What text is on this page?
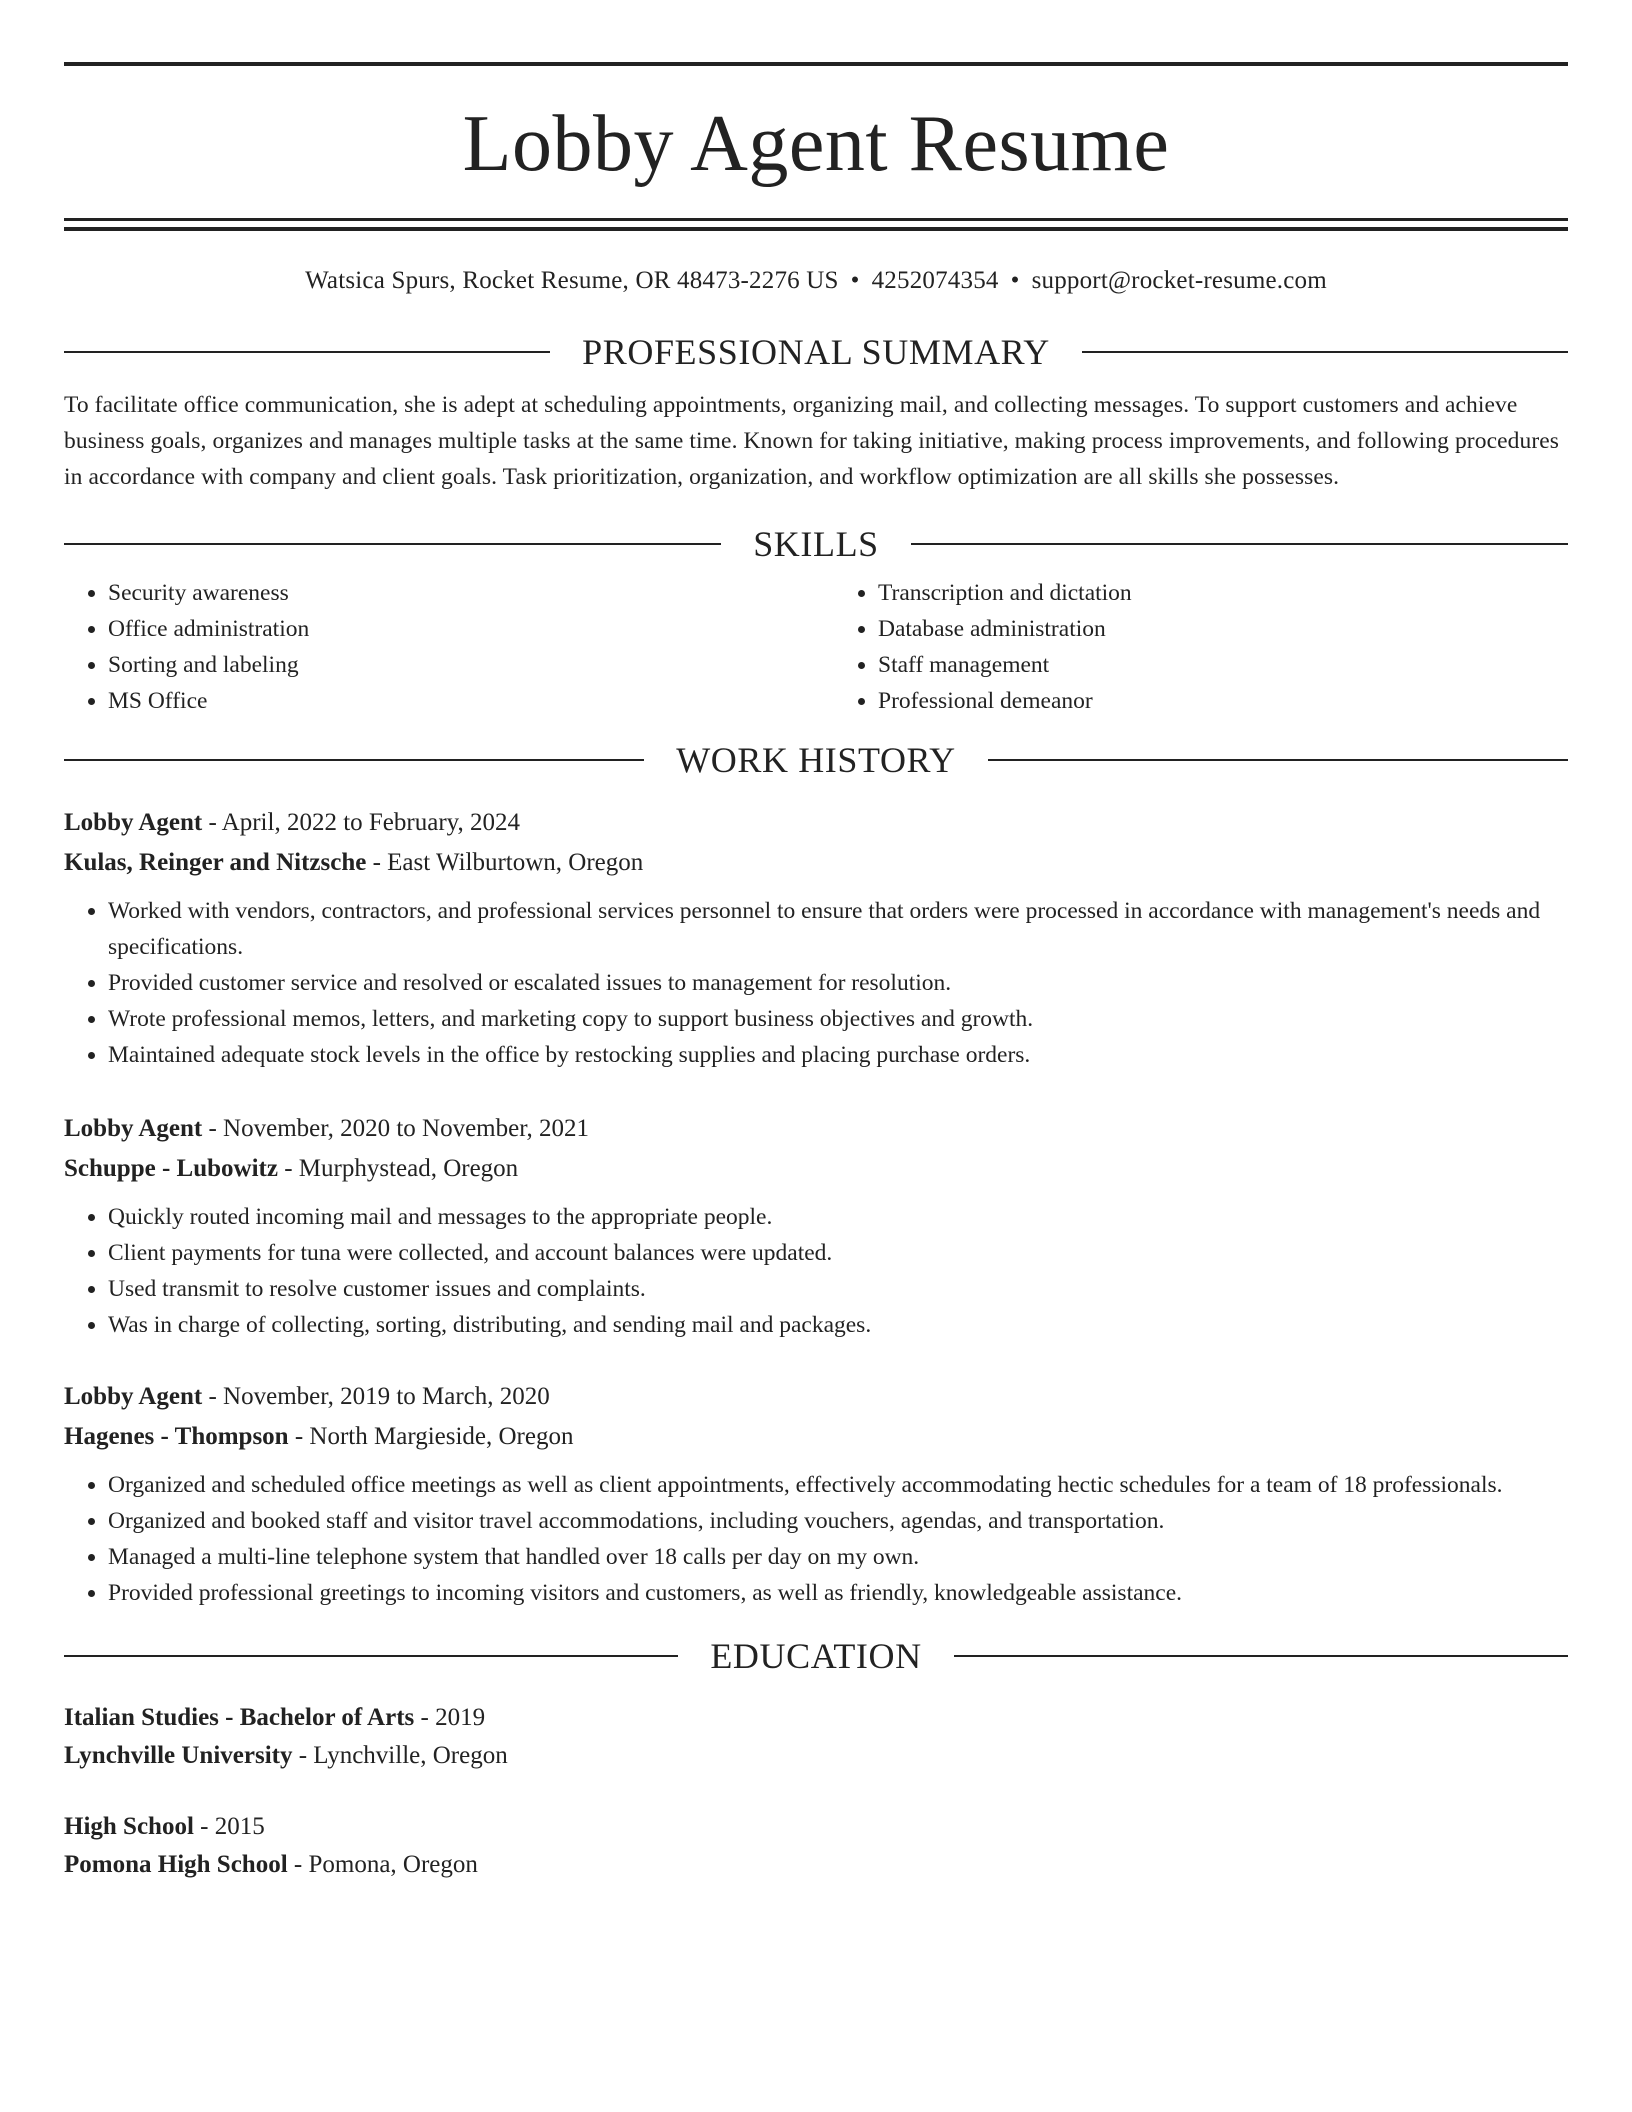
Lobby Agent Resume
Watsica Spurs, Rocket Resume, OR 48473-2276 US • 4252074354 • support@rocket-resume.com
PROFESSIONAL SUMMARY

To facilitate office communication, she is adept at scheduling appointments, organizing mail, and collecting messages. To support customers and achieve business goals, organizes and manages multiple tasks at the same time. Known for taking initiative, making process improvements, and following procedures in accordance with company and client goals. Task prioritization, organization, and workflow optimization are all skills she possesses.

SKILLS
• Security awareness
• Office administration
• Sorting and labeling
• MS Office
• Transcription and dictation
• Database administration
• Staff management
• Professional demeanor
WORK HISTORY
Lobby Agent - April, 2022 to February, 2024
Kulas, Reinger and Nitzsche - East Wilburtown, Oregon
• Worked with vendors, contractors, and professional services personnel to ensure that orders were processed in accordance with management's needs and specifications.
• Provided customer service and resolved or escalated issues to management for resolution.
• Wrote professional memos, letters, and marketing copy to support business objectives and growth.
• Maintained adequate stock levels in the office by restocking supplies and placing purchase orders.
Lobby Agent - November, 2020 to November, 2021
Schuppe - Lubowitz - Murphystead, Oregon
• Quickly routed incoming mail and messages to the appropriate people.
• Client payments for tuna were collected, and account balances were updated.
• Used transmit to resolve customer issues and complaints.
• Was in charge of collecting, sorting, distributing, and sending mail and packages.
Lobby Agent - November, 2019 to March, 2020
Hagenes - Thompson - North Margieside, Oregon
• Organized and scheduled office meetings as well as client appointments, effectively accommodating hectic schedules for a team of 18 professionals.
• Organized and booked staff and visitor travel accommodations, including vouchers, agendas, and transportation.
• Managed a multi-line telephone system that handled over 18 calls per day on my own.
• Provided professional greetings to incoming visitors and customers, as well as friendly, knowledgeable assistance.
EDUCATION
Italian Studies - Bachelor of Arts - 2019
Lynchville University - Lynchville, Oregon
High School - 2015
Pomona High School - Pomona, Oregon
